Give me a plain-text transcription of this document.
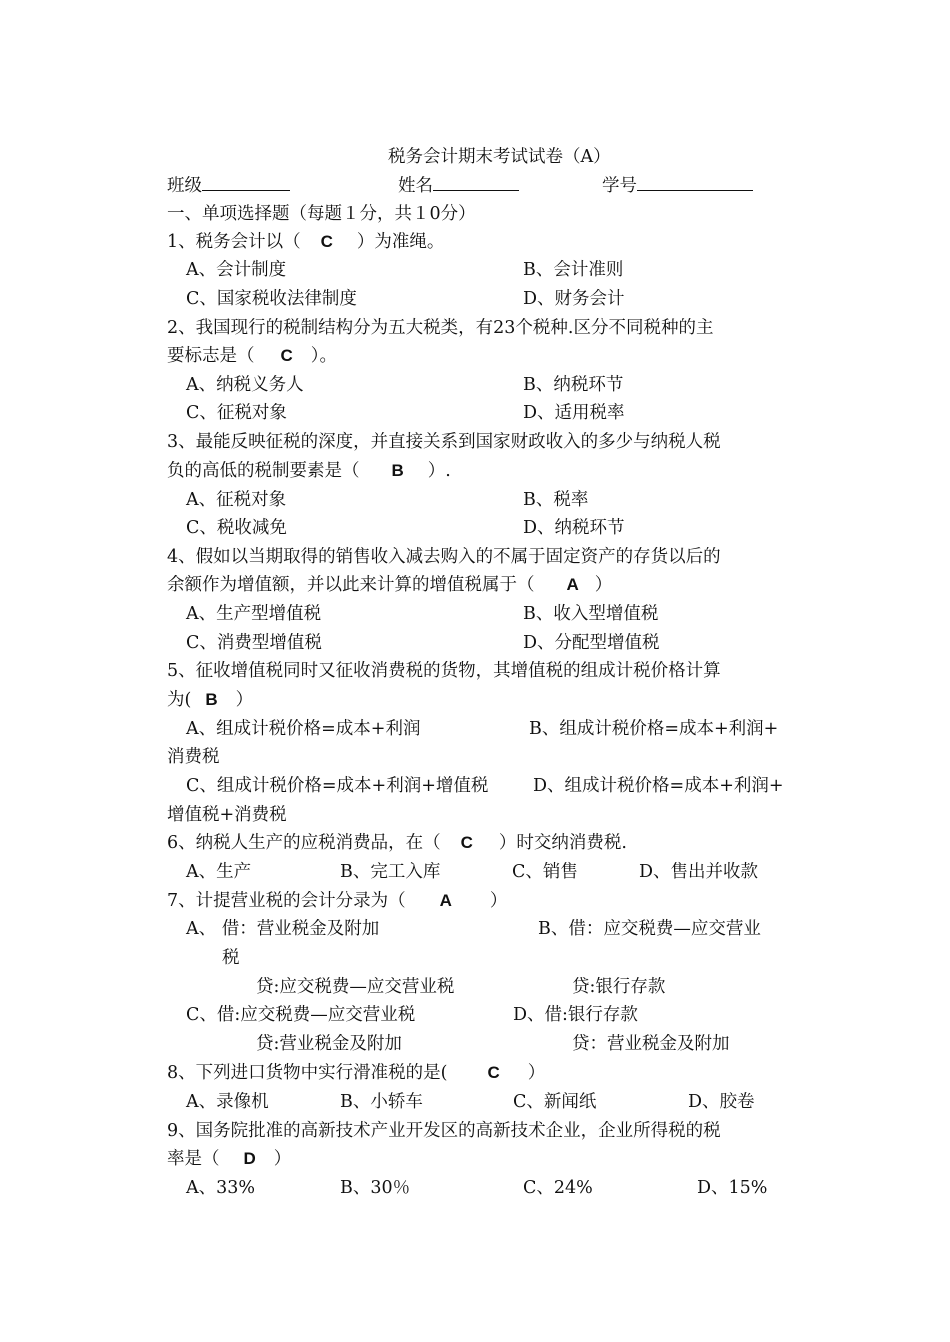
税务会计期末考试试卷（A）
班级	姓名	学号
一、单项选择题（每题１分，共１0分）
1、税务会计以（ C ）为准绳。
A、会计制度	B、会计准则
C、国家税收法律制度	D、财务会计
2、我国现行的税制结构分为五大税类，有23个税种.区分不同税种的主
要标志是（ C ）。
A、纳税义务人	B、纳税环节
C、征税对象	D、适用税率
3、最能反映征税的深度，并直接关系到国家财政收入的多少与纳税人税
负的高低的税制要素是（ B ）.
A、征税对象	B、税率
C、税收减免	D、纳税环节
4、假如以当期取得的销售收入减去购入的不属于固定资产的存货以后的
余额作为增值额，并以此来计算的增值税属于（ A ）
A、生产型增值税	B、收入型增值税
C、消费型增值税	D、分配型增值税
5、征收增值税同时又征收消费税的货物，其增值税的组成计税价格计算
为( B ）
A、组成计税价格=成本+利润	B、组成计税价格=成本+利润+
消费税
C、组成计税价格=成本+利润+增值税	D、组成计税价格=成本+利润+
增值税+消费税
6、纳税人生产的应税消费品，在（ C ）时交纳消费税.
A、生产	B、完工入库	C、销售	D、售出并收款
7、计提营业税的会计分录为（ A ）
A、 借：营业税金及附加	B、借：应交税费—应交营业
税
贷:应交税费—应交营业税	贷:银行存款
C、借:应交税费—应交营业税	D、借:银行存款
贷:营业税金及附加	贷：营业税金及附加
8、下列进口货物中实行滑准税的是( C ）
A、录像机	B、小轿车	C、新闻纸	D、胶卷
9、国务院批准的高新技术产业开发区的高新技术企业，企业所得税的税
率是（ D ）
A、33%	B、30％	C、24%	D、15%
